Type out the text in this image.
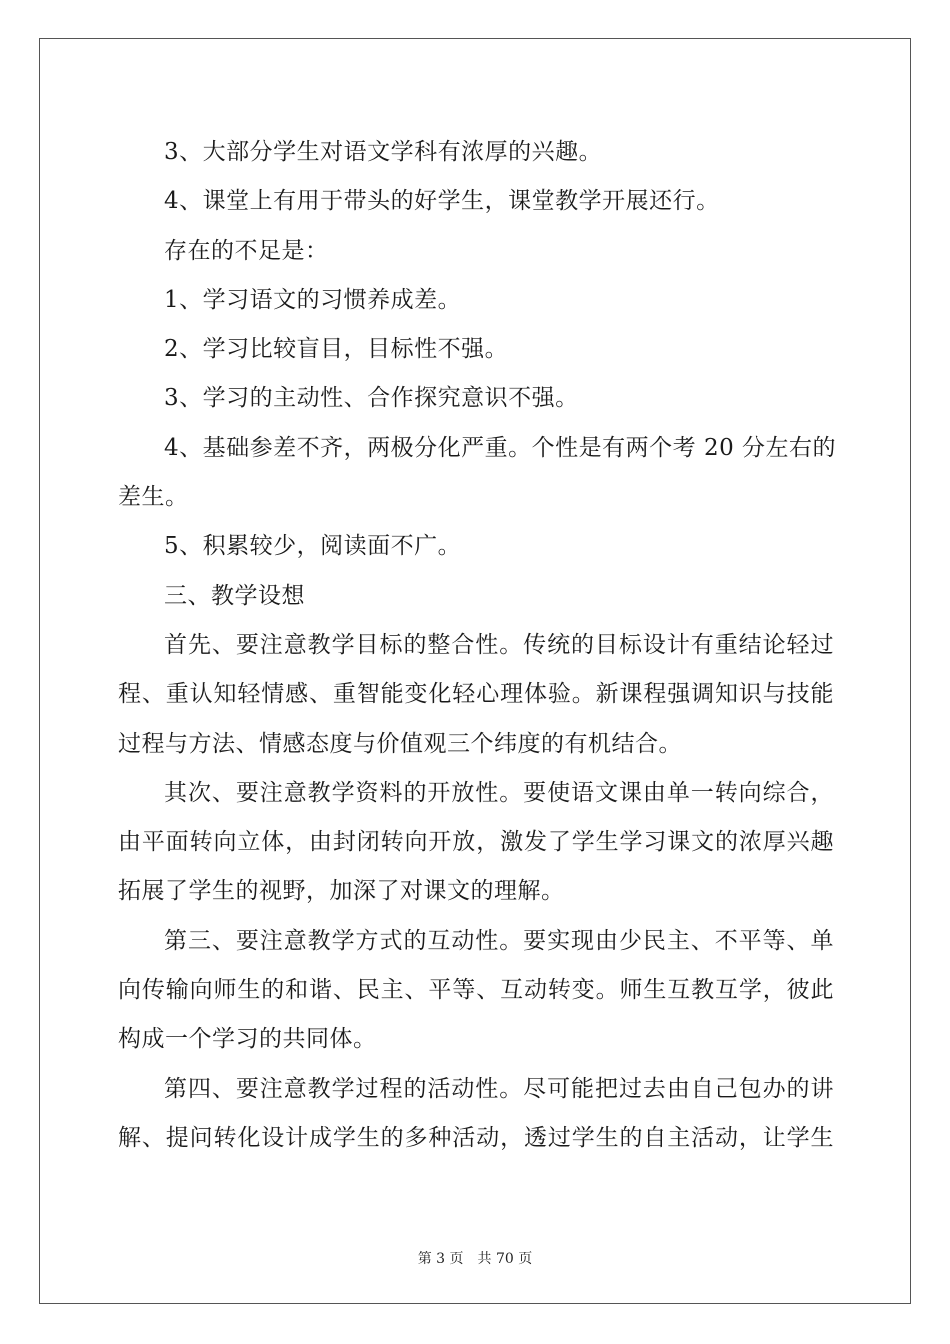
3、大部分学生对语文学科有浓厚的兴趣。
4、课堂上有用于带头的好学生，课堂教学开展还行。
存在的不足是：
1、学习语文的习惯养成差。
2、学习比较盲目，目标性不强。
3、学习的主动性、合作探究意识不强。
4、基础参差不齐，两极分化严重。个性是有两个考 20 分左右的
差生。
5、积累较少，阅读面不广。
三、教学设想
首先、要注意教学目标的整合性。传统的目标设计有重结论轻过
程、重认知轻情感、重智能变化轻心理体验。新课程强调知识与技能
过程与方法、情感态度与价值观三个纬度的有机结合。
其次、要注意教学资料的开放性。要使语文课由单一转向综合，
由平面转向立体，由封闭转向开放，激发了学生学习课文的浓厚兴趣
拓展了学生的视野，加深了对课文的理解。
第三、要注意教学方式的互动性。要实现由少民主、不平等、单
向传输向师生的和谐、民主、平等、互动转变。师生互教互学，彼此
构成一个学习的共同体。
第四、要注意教学过程的活动性。尽可能把过去由自己包办的讲
解、提问转化设计成学生的多种活动，透过学生的自主活动，让学生
第 3 页 共 70 页
